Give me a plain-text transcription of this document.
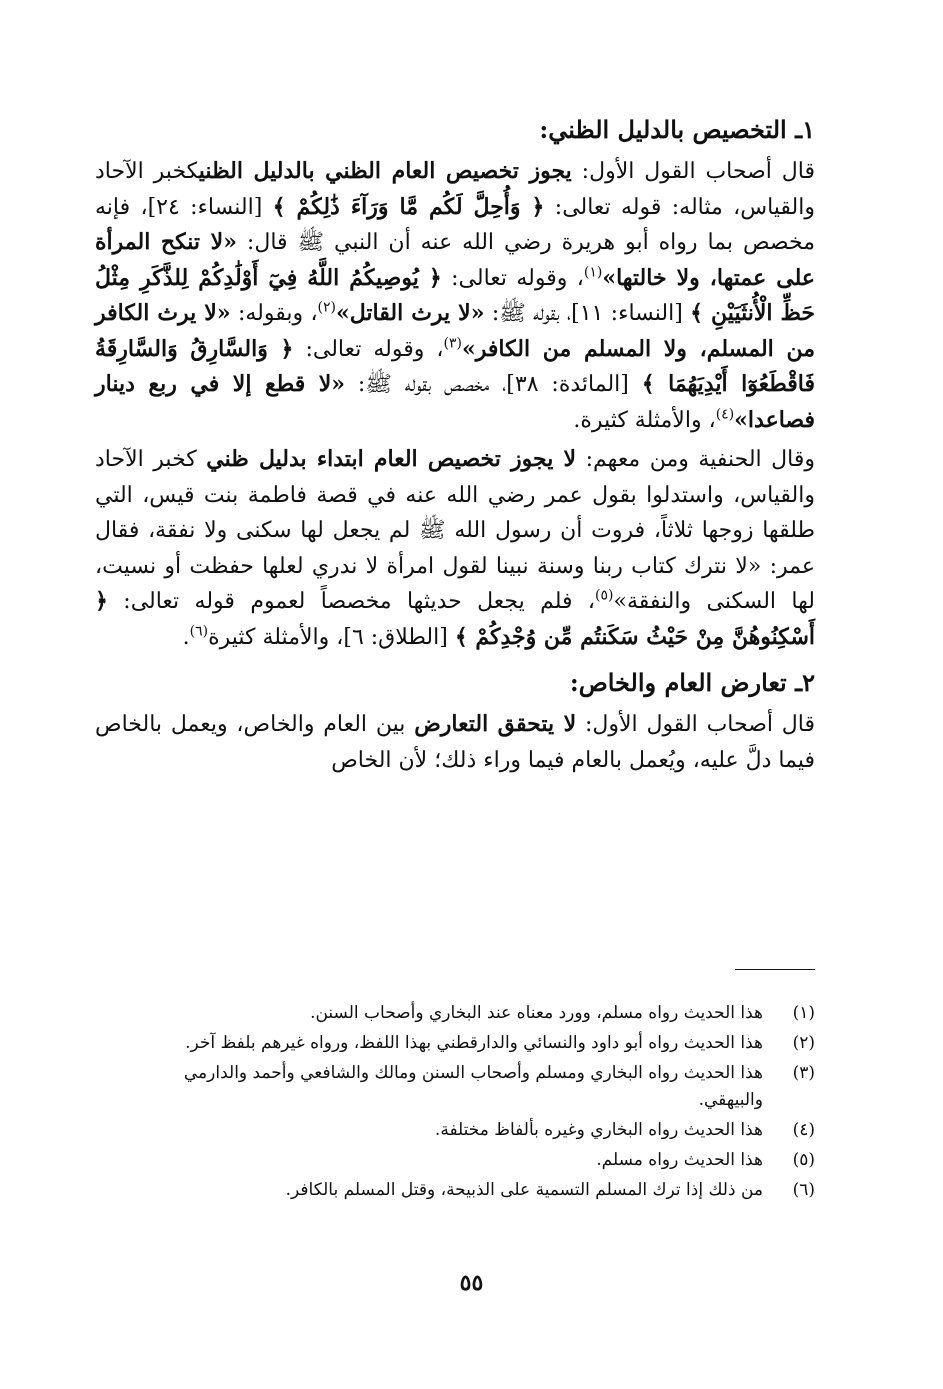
١ـ التخصيص بالدليل الظني:

قال أصحاب القول الأول: يجوز تخصيص العام الظني بالدليل الظنيكخبر الآحاد والقياس، مثاله: قوله تعالى: ﴿ وَأُحِلَّ لَكُم مَّا وَرَآءَ ذَٰلِكُمْ ﴾ [النساء: ٢٤]، فإنه مخصص بما رواه أبو هريرة رضي الله عنه أن النبي ﷺ قال: «لا تنكح المرأة على عمتها، ولا خالتها»$^{(١)}$، وقوله تعالى: ﴿ يُوصِيكُمُ اللَّهُ فِيٓ أَوْلَٰدِكُمْ لِلذَّكَرِ مِثْلُ حَظِّ الْأُنثَيَيْنِ ﴾ [النساء: ١١]، بقوله ﷺ: «لا يرث القاتل»$^{(٢)}$، وبقوله: «لا يرث الكافر من المسلم، ولا المسلم من الكافر»$^{(٣)}$، وقوله تعالى: ﴿ وَالسَّارِقُ وَالسَّارِقَةُ فَاقْطَعُوٓا أَيْدِيَهُمَا ﴾ [المائدة: ٣٨]، مخصص بقوله ﷺ: «لا قطع إلا في ربع دينار فصاعدا»$^{(٤)}$، والأمثلة كثيرة.

وقال الحنفية ومن معهم: لا يجوز تخصيص العام ابتداء بدليل ظني كخبر الآحاد والقياس، واستدلوا بقول عمر رضي الله عنه في قصة فاطمة بنت قيس، التي طلقها زوجها ثلاثاً، فروت أن رسول الله ﷺ لم يجعل لها سكنى ولا نفقة، فقال عمر: «لا نترك كتاب ربنا وسنة نبينا لقول امرأة لا ندري لعلها حفظت أو نسيت، لها السكنى والنفقة»$^{(٥)}$، فلم يجعل حديثها مخصصاً لعموم قوله تعالى: ﴿ أَسْكِنُوهُنَّ مِنْ حَيْثُ سَكَنتُم مِّن وُجْدِكُمْ ﴾ [الطلاق: ٦]، والأمثلة كثيرة$^{(٦)}$.

٢ـ تعارض العام والخاص:

قال أصحاب القول الأول: لا يتحقق التعارض بين العام والخاص، ويعمل بالخاص فيما دلَّ عليه، ويُعمل بالعام فيما وراء ذلك؛ لأن الخاص

(١)
هذا الحديث رواه مسلم، وورد معناه عند البخاري وأصحاب السنن.
(٢)
هذا الحديث رواه أبو داود والنسائي والدارقطني بهذا اللفظ، ورواه غيرهم بلفظ آخر.
(٣)
هذا الحديث رواه البخاري ومسلم وأصحاب السنن ومالك والشافعي وأحمد والدارمي والبيهقي.
(٤)
هذا الحديث رواه البخاري وغيره بألفاظ مختلفة.
(٥)
هذا الحديث رواه مسلم.
(٦)
من ذلك إذا ترك المسلم التسمية على الذبيحة، وقتل المسلم بالكافر.
٥٥
